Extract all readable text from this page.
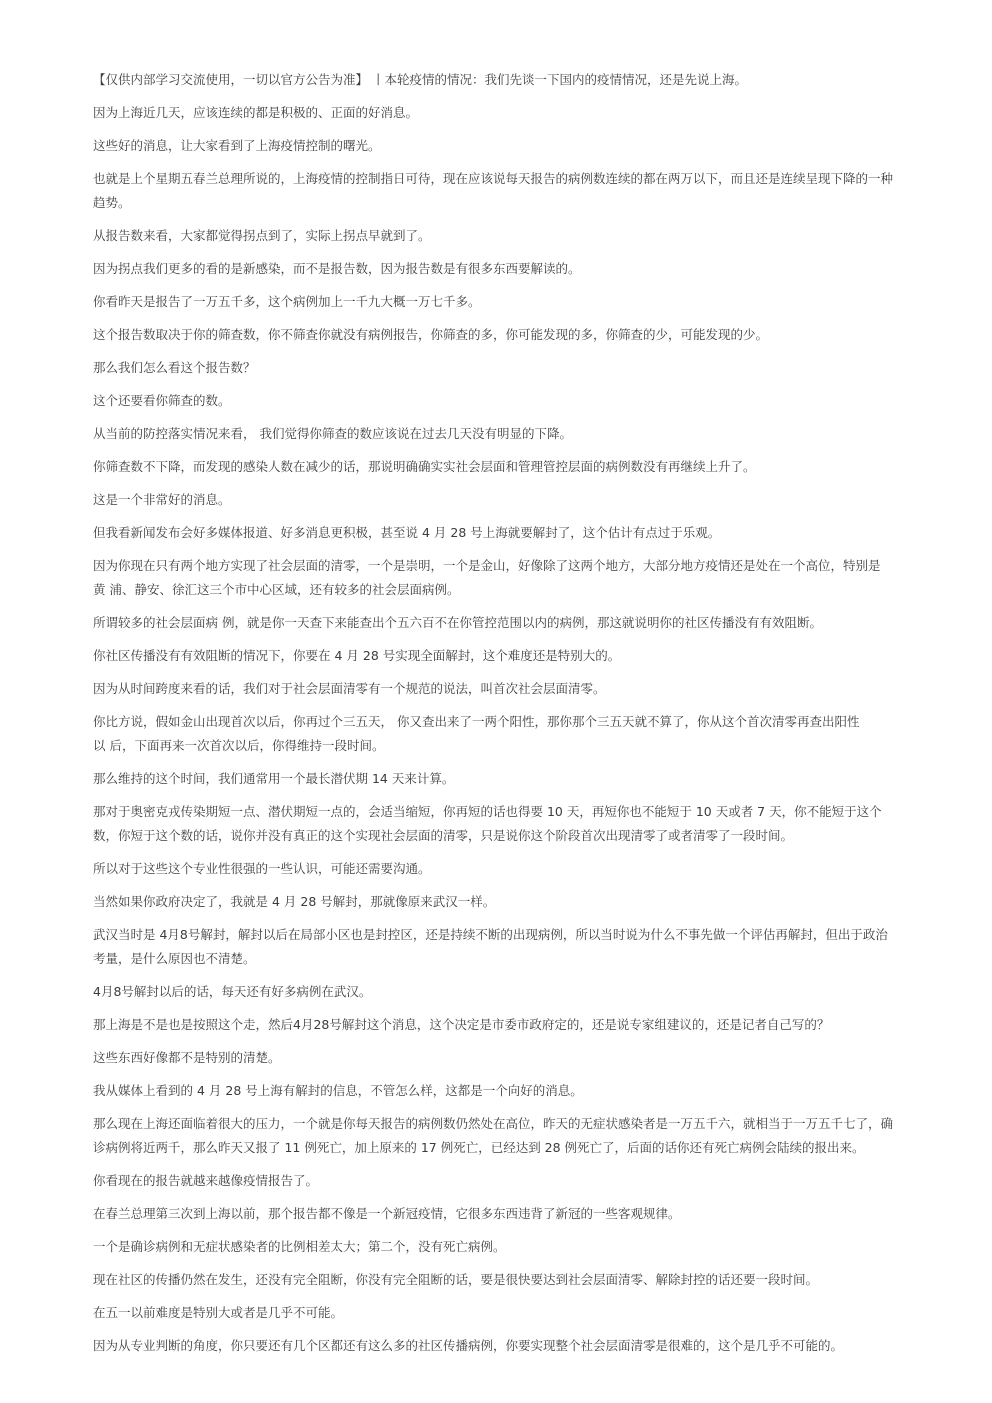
【仅供内部学习交流使用，一切以官方公告为准】 丨本轮疫情的情况：我们先谈一下国内的疫情情况，还是先说上海。

因为上海近几天，应该连续的都是积极的、正面的好消息。

这些好的消息，让大家看到了上海疫情控制的曙光。

也就是上个星期五春兰总理所说的，上海疫情的控制指日可待，现在应该说每天报告的病例数连续的都在两万以下，而且还是连续呈现下降的一种
趋势。

从报告数来看，大家都觉得拐点到了，实际上拐点早就到了。

因为拐点我们更多的看的是新感染，而不是报告数，因为报告数是有很多东西要解读的。

你看昨天是报告了一万五千多，这个病例加上一千九大概一万七千多。

这个报告数取决于你的筛查数，你不筛查你就没有病例报告，你筛查的多，你可能发现的多，你筛查的少，可能发现的少。

那么我们怎么看这个报告数？

这个还要看你筛查的数。

从当前的防控落实情况来看， 我们觉得你筛查的数应该说在过去几天没有明显的下降。

你筛查数不下降，而发现的感染人数在减少的话，那说明确确实实社会层面和管理管控层面的病例数没有再继续上升了。

这是一个非常好的消息。

但我看新闻发布会好多媒体报道、好多消息更积极，甚至说 4 月 28 号上海就要解封了，这个估计有点过于乐观。

因为你现在只有两个地方实现了社会层面的清零，一个是崇明，一个是金山，好像除了这两个地方，大部分地方疫情还是处在一个高位，特别是
黄 浦、静安、徐汇这三个市中心区域，还有较多的社会层面病例。

所谓较多的社会层面病 例，就是你一天查下来能查出个五六百不在你管控范围以内的病例，那这就说明你的社区传播没有有效阻断。

你社区传播没有有效阻断的情况下，你要在 4 月 28 号实现全面解封，这个难度还是特别大的。

因为从时间跨度来看的话，我们对于社会层面清零有一个规范的说法，叫首次社会层面清零。

你比方说，假如金山出现首次以后，你再过个三五天， 你又查出来了一两个阳性，那你那个三五天就不算了，你从这个首次清零再查出阳性
以 后，下面再来一次首次以后，你得维持一段时间。

那么维持的这个时间，我们通常用一个最长潜伏期 14 天来计算。

那对于奥密克戎传染期短一点、潜伏期短一点的，会适当缩短，你再短的话也得要 10 天，再短你也不能短于 10 天或者 7 天，你不能短于这个
数，你短于这个数的话，说你并没有真正的这个实现社会层面的清零，只是说你这个阶段首次出现清零了或者清零了一段时间。

所以对于这些这个专业性很强的一些认识，可能还需要沟通。

当然如果你政府决定了，我就是 4 月 28 号解封，那就像原来武汉一样。

武汉当时是 4月8号解封，解封以后在局部小区也是封控区，还是持续不断的出现病例，所以当时说为什么不事先做一个评估再解封，但出于政治
考量，是什么原因也不清楚。

4月8号解封以后的话，每天还有好多病例在武汉。

那上海是不是也是按照这个走，然后4月28号解封这个消息，这个决定是市委市政府定的，还是说专家组建议的，还是记者自己写的？

这些东西好像都不是特别的清楚。

我从媒体上看到的 4 月 28 号上海有解封的信息，不管怎么样，这都是一个向好的消息。

那么现在上海还面临着很大的压力，一个就是你每天报告的病例数仍然处在高位，昨天的无症状感染者是一万五千六，就相当于一万五千七了，确
诊病例将近两千，那么昨天又报了 11 例死亡，加上原来的 17 例死亡，已经达到 28 例死亡了，后面的话你还有死亡病例会陆续的报出来。

你看现在的报告就越来越像疫情报告了。

在春兰总理第三次到上海以前，那个报告都不像是一个新冠疫情，它很多东西违背了新冠的一些客观规律。

一个是确诊病例和无症状感染者的比例相差太大；第二个，没有死亡病例。

现在社区的传播仍然在发生，还没有完全阻断，你没有完全阻断的话，要是很快要达到社会层面清零、解除封控的话还要一段时间。

在五一以前难度是特别大或者是几乎不可能。

因为从专业判断的角度，你只要还有几个区都还有这么多的社区传播病例，你要实现整个社会层面清零是很难的，这个是几乎不可能的。
